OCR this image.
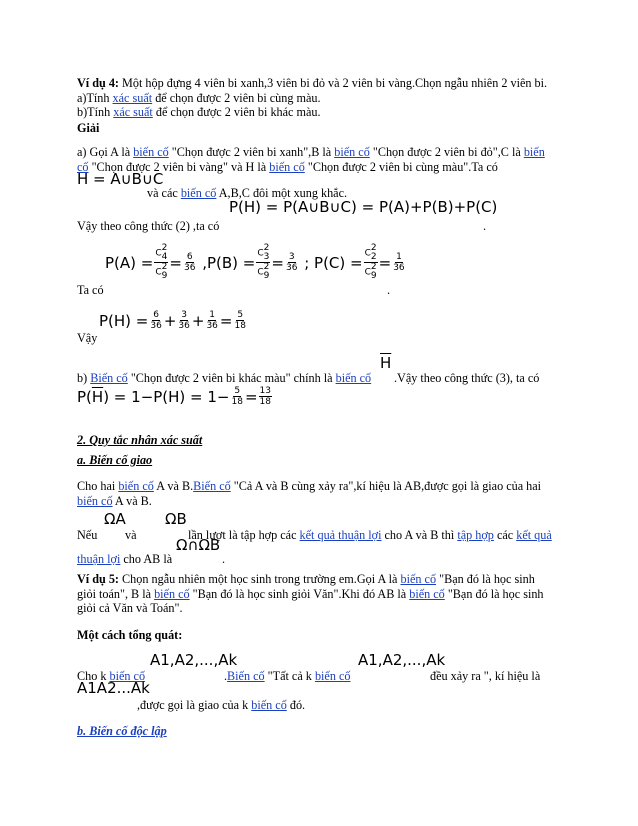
Ví dụ 4: Một hộp đựng 4 viên bi xanh,3 viên bi đỏ và 2 viên bi vàng.Chọn ngẫu nhiên 2 viên bi.
a)Tính xác suất để chọn được 2 viên bi cùng màu.
b)Tính xác suất để chọn được 2 viên bi khác màu.
Giải
a) Gọi A là biến cố "Chọn được 2 viên bi xanh",B là biến cố "Chọn được 2 viên bi đỏ",C là biến
cố "Chọn được 2 viên bi vàng" và H là biến cố "Chọn được 2 viên bi cùng màu".Ta có
H = A∪B∪C
và các biến cố A,B,C đôi một xung khắc.
P(H) = P(A∪B∪C) = P(A)+P(B)+P(C)
Vậy theo công thức (2) ,ta có	.
P(A) = C
2
4
C
2
$9 = \frac{6}{36}$
,P(B) = C
2
3
C
2
$9 = \frac{3}{36}$
; P(C) = C
2
2
C
2
$9 = \frac{1}{36}$
Ta có	.
$P(H) = \frac{6}{36} + \frac{3}{36} + \frac{1}{36} = \frac{5}{18}$
Vậy
$\overline{H}$
b) Biến cố "Chọn được 2 viên bi khác màu" chính là biến cố .Vậy theo công thức (3), ta có
P( $\overline{H}$ ) = $1-P(H) = 1- \frac{5}{18} = \frac{13}{18}$
2. Quy tắc nhân xác suất
a. Biến cố giao
Cho hai biến cố A và B.Biến cố "Cả A và B cùng xảy ra",kí hiệu là AB,được gọi là giao của hai
biến cố A và B.
ΩA	ΩB
Nếu và	lần lượt là tập hợp các kết quả thuận lợi cho A và B thì tập hợp các kết quả
Ω∩ΩB
thuận lợi cho AB là	.
Ví dụ 5: Chọn ngẫu nhiên một học sinh trong trường em.Gọi A là biến cố "Bạn đó là học sinh
giỏi toán", B là biến cố "Bạn đó là học sinh giỏi Văn".Khi đó AB là biến cố "Bạn đó là học sinh
giỏi cả Văn và Toán".
Một cách tổng quát:
A1,A2,...,Ak	A1,A2,...,Ak
Cho k biến cố	.Biến cố "Tất cả k biến cố	đều xảy ra ", kí hiệu là
A1A2...Ak
,được gọi là giao của k biến cố đó.
b. Biến cố độc lập
